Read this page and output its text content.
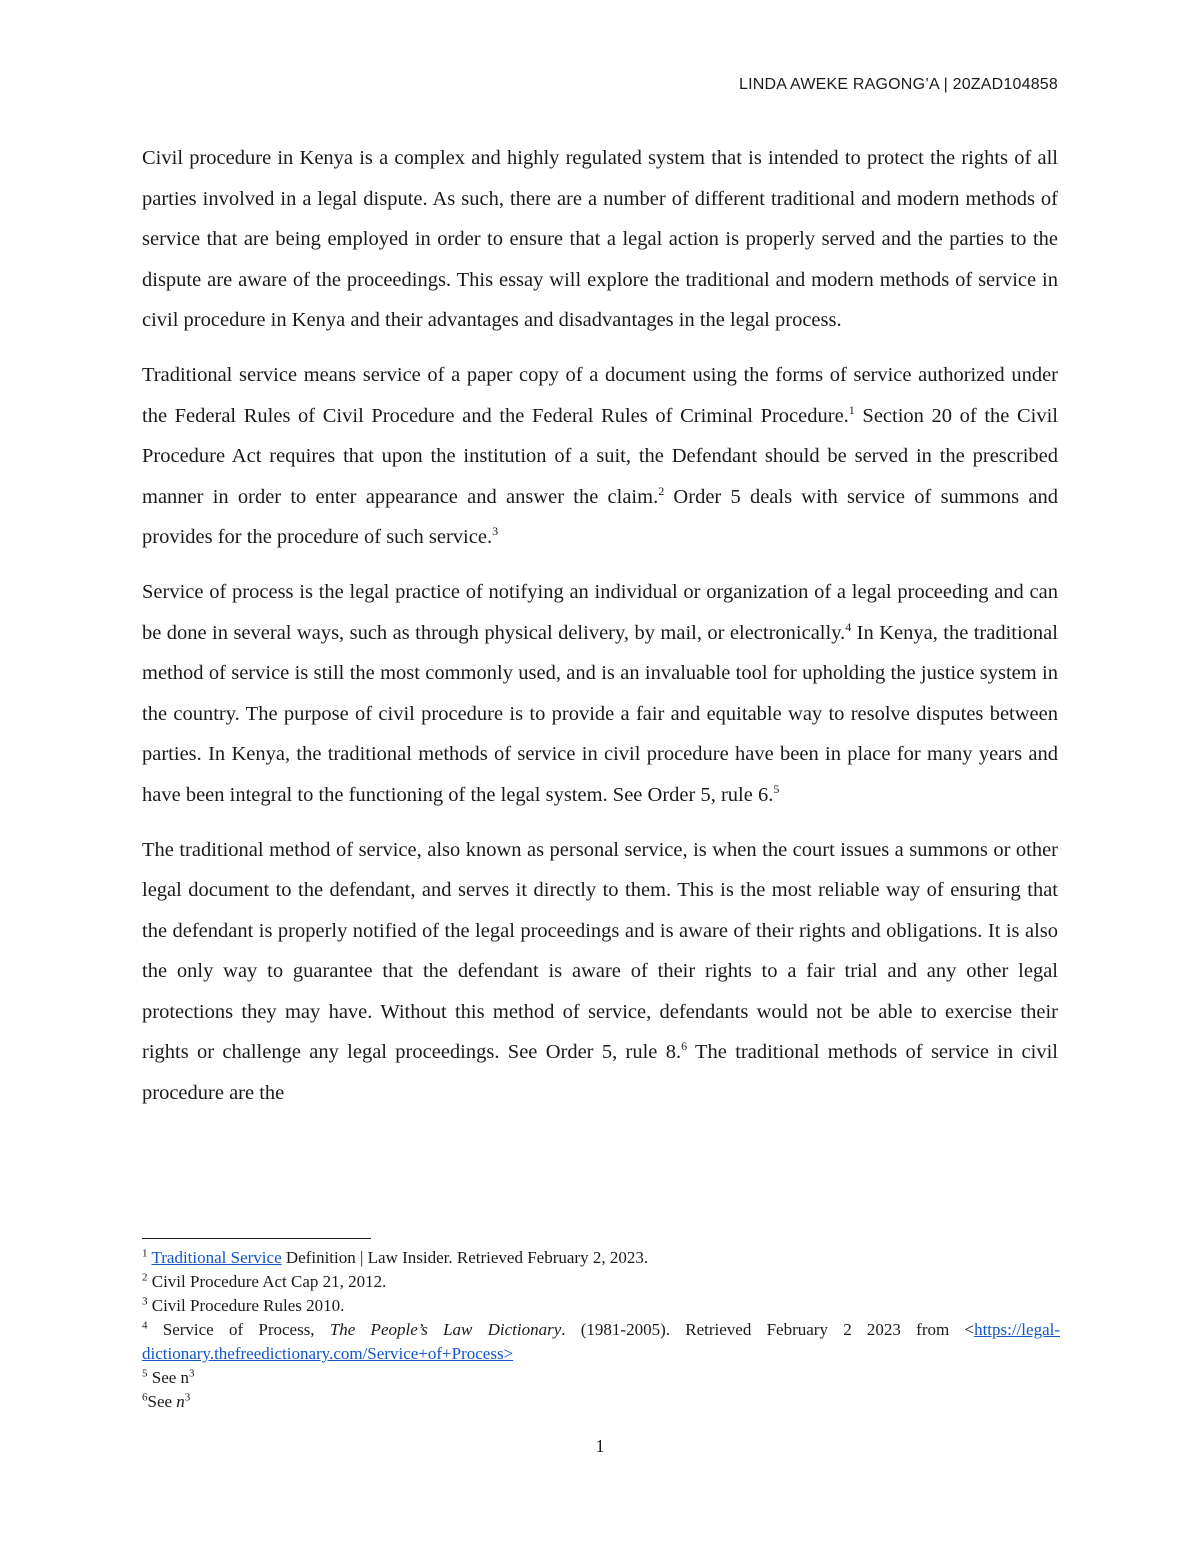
LINDA AWEKE RAGONG’A | 20ZAD104858

Civil procedure in Kenya is a complex and highly regulated system that is intended to protect the rights of all parties involved in a legal dispute. As such, there are a number of different traditional and modern methods of service that are being employed in order to ensure that a legal action is properly served and the parties to the dispute are aware of the proceedings. This essay will explore the traditional and modern methods of service in civil procedure in Kenya and their advantages and disadvantages in the legal process.

Traditional service means service of a paper copy of a document using the forms of service authorized under the Federal Rules of Civil Procedure and the Federal Rules of Criminal Procedure.$^1$ Section 20 of the Civil Procedure Act requires that upon the institution of a suit, the Defendant should be served in the prescribed manner in order to enter appearance and answer the claim.$^2$ Order 5 deals with service of summons and provides for the procedure of such service.$^3$

Service of process is the legal practice of notifying an individual or organization of a legal proceeding and can be done in several ways, such as through physical delivery, by mail, or electronically.$^4$ In Kenya, the traditional method of service is still the most commonly used, and is an invaluable tool for upholding the justice system in the country. The purpose of civil procedure is to provide a fair and equitable way to resolve disputes between parties. In Kenya, the traditional methods of service in civil procedure have been in place for many years and have been integral to the functioning of the legal system. See Order 5, rule 6.$^5$

The traditional method of service, also known as personal service, is when the court issues a summons or other legal document to the defendant, and serves it directly to them. This is the most reliable way of ensuring that the defendant is properly notified of the legal proceedings and is aware of their rights and obligations. It is also the only way to guarantee that the defendant is aware of their rights to a fair trial and any other legal protections they may have. Without this method of service, defendants would not be able to exercise their rights or challenge any legal proceedings. See Order 5, rule 8.$^6$ The traditional methods of service in civil procedure are the

$^1$ Traditional Service Definition | Law Insider. Retrieved February 2, 2023.
$^2$ Civil Procedure Act Cap 21, 2012.
$^3$ Civil Procedure Rules 2010.
$^4$ Service of Process, The People’s Law Dictionary. (1981-2005). Retrieved February 2 2023 from <https://legal-dictionary.thefreedictionary.com/Service+of+Process>
$^5$ See $n^3$
$^6$See $n^3$
1
